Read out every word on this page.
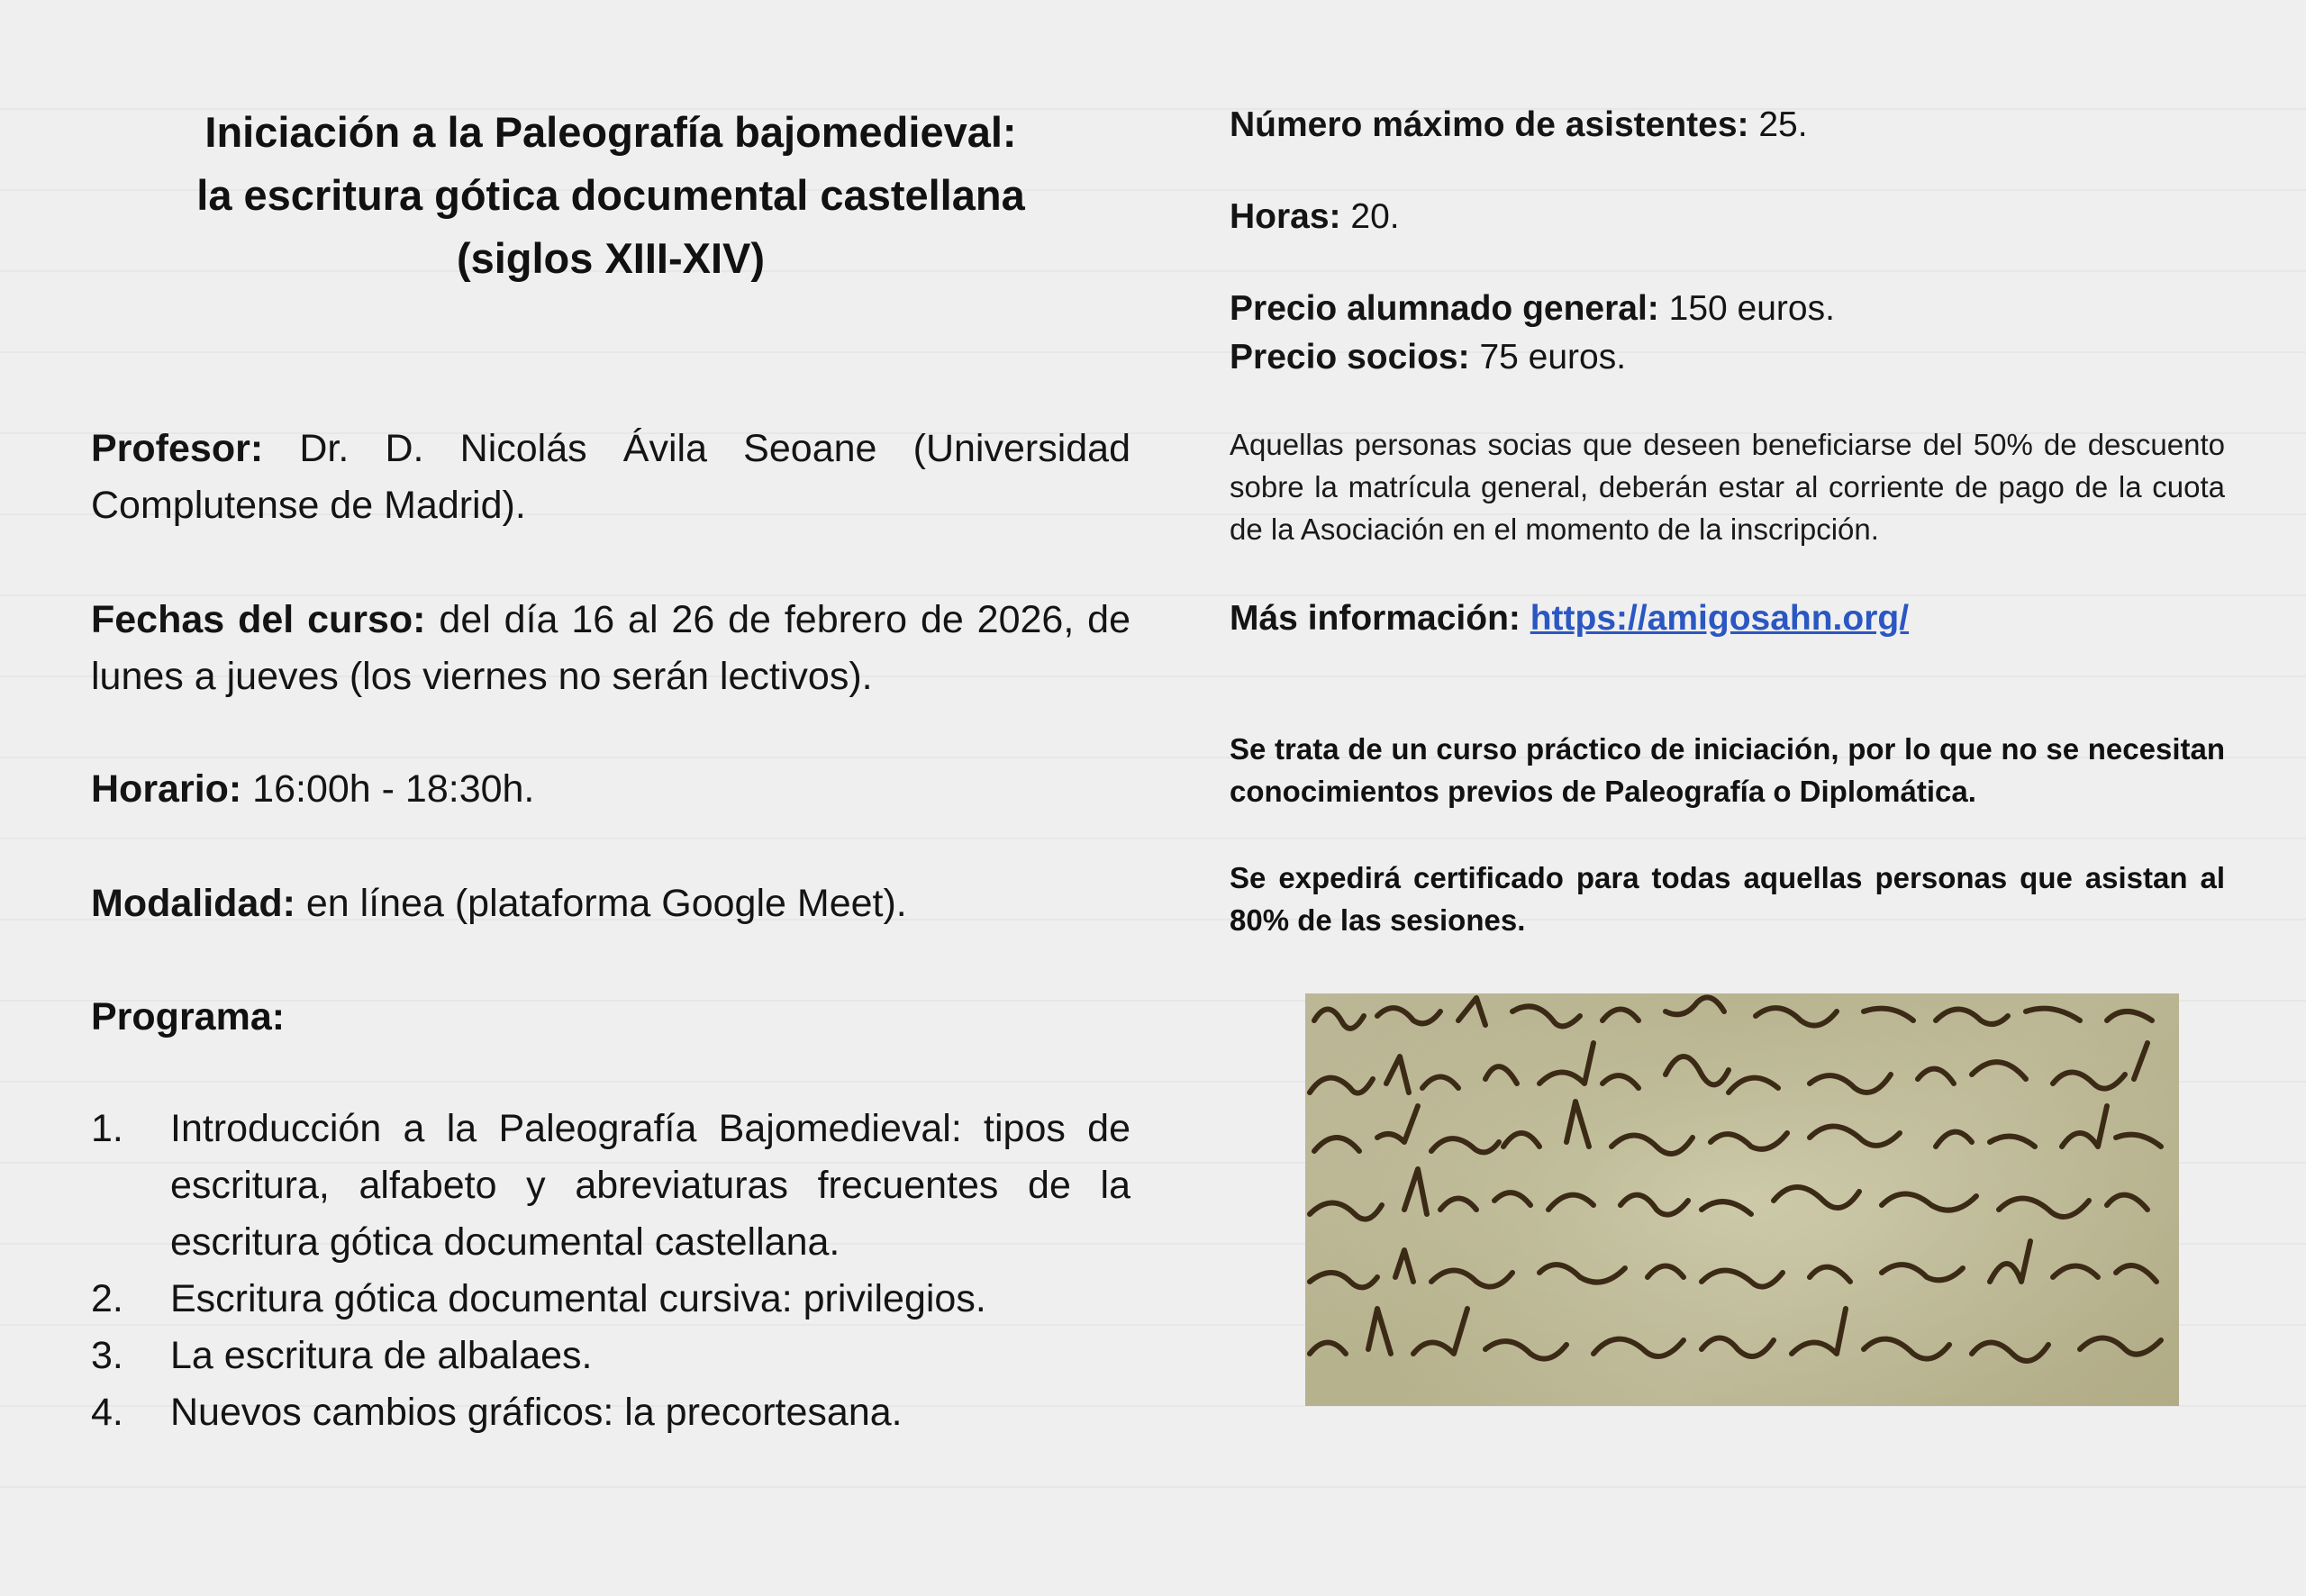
Iniciación a la Paleografía bajomedieval:
la escritura gótica documental castellana
(siglos XIII-XIV)
Profesor: Dr. D. Nicolás Ávila Seoane (Universidad Complutense de Madrid).
Fechas del curso: del día 16 al 26 de febrero de 2026, de lunes a jueves (los viernes no serán lectivos).
Horario: 16:00h - 18:30h.
Modalidad: en línea (plataforma Google Meet).
Programa:
1. Introducción a la Paleografía Bajomedieval: tipos de escritura, alfabeto y abreviaturas frecuentes de la escritura gótica documental castellana.
2. Escritura gótica documental cursiva: privilegios.
3. La escritura de albalaes.
4. Nuevos cambios gráficos: la precortesana.
Número máximo de asistentes: 25.
Horas: 20.
Precio alumnado general: 150 euros.
Precio socios: 75 euros.
Aquellas personas socias que deseen beneficiarse del 50% de descuento sobre la matrícula general, deberán estar al corriente de pago de la cuota de la Asociación en el momento de la inscripción.
Más información: https://amigosahn.org/
Se trata de un curso práctico de iniciación, por lo que no se necesitan conocimientos previos de Paleografía o Diplomática.
Se expedirá certificado para todas aquellas personas que asistan al 80% de las sesiones.
